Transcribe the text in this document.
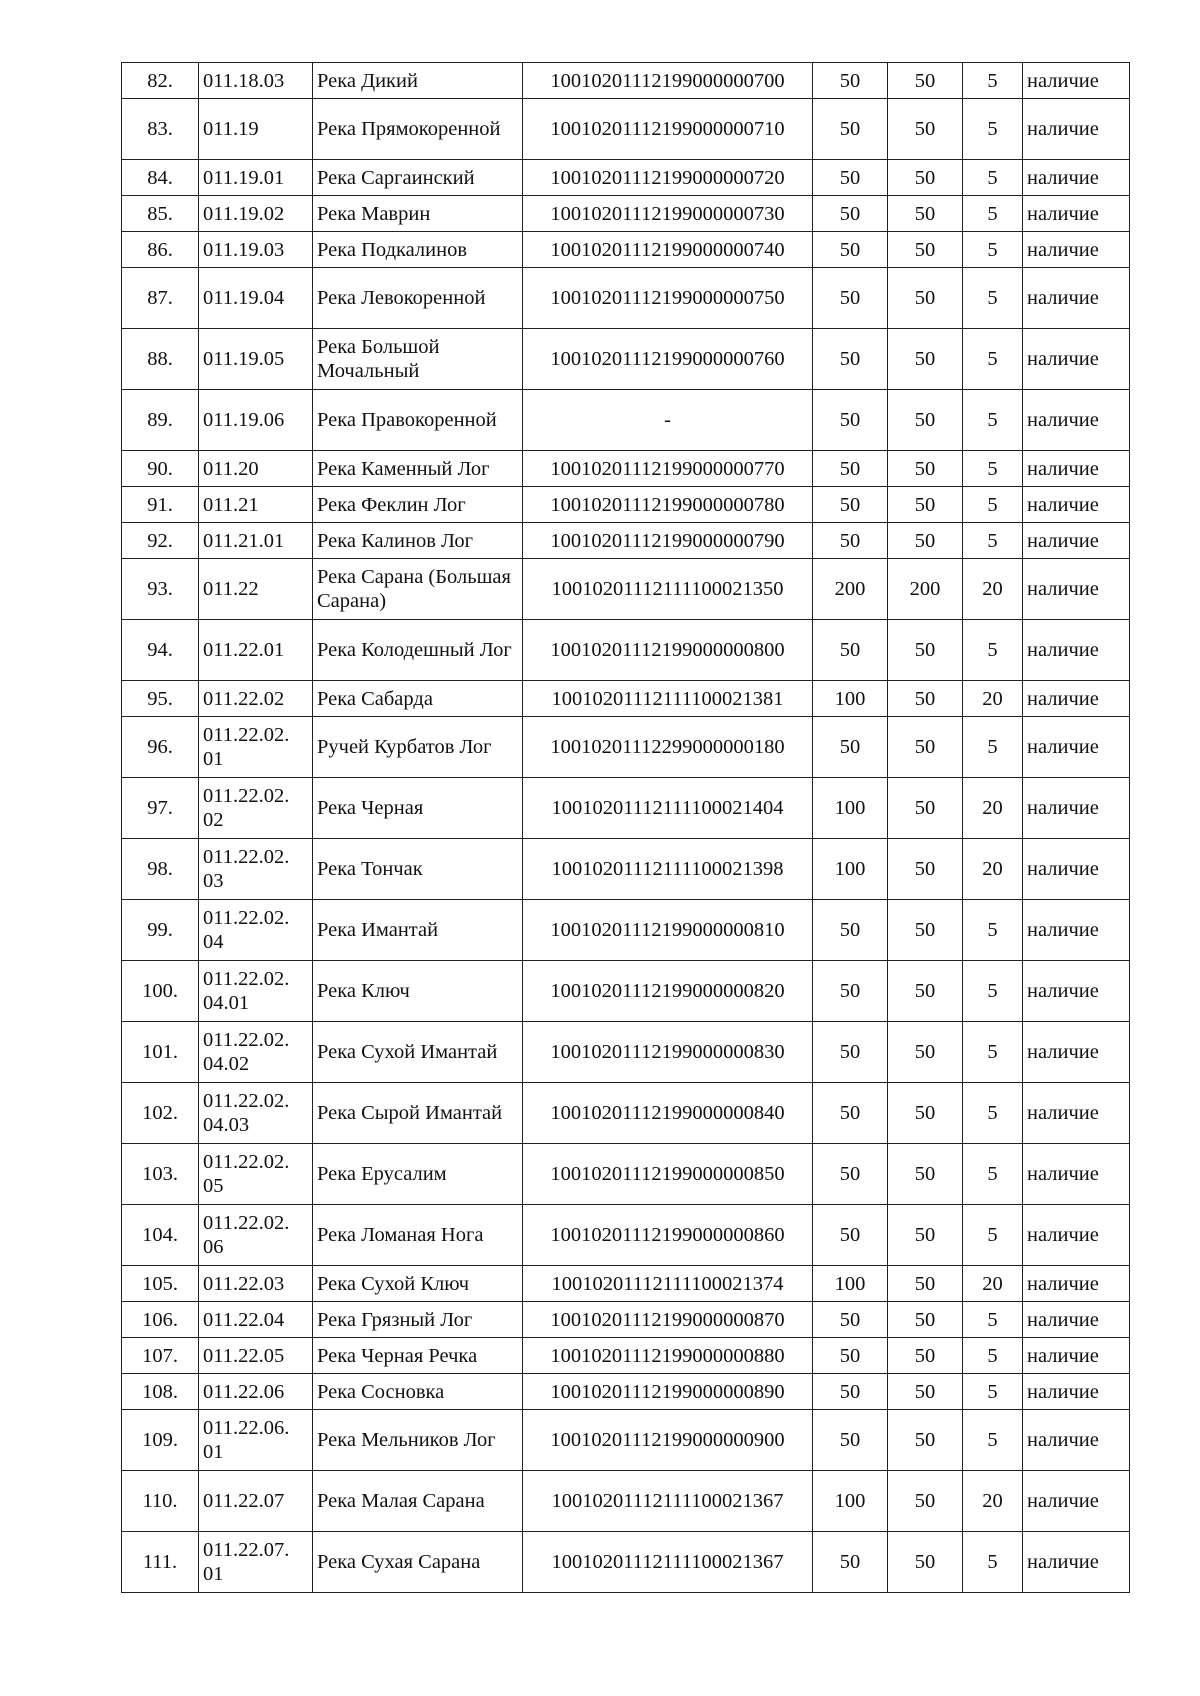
82.	011.18.03	Река Дикий	10010201112199000000700	50	50	5	наличие
83.	011.19	Река Прямокоренной	10010201112199000000710	50	50	5	наличие
84.	011.19.01	Река Саргаинский	10010201112199000000720	50	50	5	наличие
85.	011.19.02	Река Маврин	10010201112199000000730	50	50	5	наличие
86.	011.19.03	Река Подкалинов	10010201112199000000740	50	50	5	наличие
87.	011.19.04	Река Левокоренной	10010201112199000000750	50	50	5	наличие
88.	011.19.05	Река Большой Мочальный	10010201112199000000760	50	50	5	наличие
89.	011.19.06	Река Правокоренной	-	50	50	5	наличие
90.	011.20	Река Каменный Лог	10010201112199000000770	50	50	5	наличие
91.	011.21	Река Феклин Лог	10010201112199000000780	50	50	5	наличие
92.	011.21.01	Река Калинов Лог	10010201112199000000790	50	50	5	наличие
93.	011.22	Река Сарана (Большая Сарана)	10010201112111100021350	200	200	20	наличие
94.	011.22.01	Река Колодешный Лог	10010201112199000000800	50	50	5	наличие
95.	011.22.02	Река Сабарда	10010201112111100021381	100	50	20	наличие
96.	011.22.02. 01	Ручей Курбатов Лог	10010201112299000000180	50	50	5	наличие
97.	011.22.02. 02	Река Черная	10010201112111100021404	100	50	20	наличие
98.	011.22.02. 03	Река Тончак	10010201112111100021398	100	50	20	наличие
99.	011.22.02. 04	Река Имантай	10010201112199000000810	50	50	5	наличие
100.	011.22.02. 04.01	Река Ключ	10010201112199000000820	50	50	5	наличие
101.	011.22.02. 04.02	Река Сухой Имантай	10010201112199000000830	50	50	5	наличие
102.	011.22.02. 04.03	Река Сырой Имантай	10010201112199000000840	50	50	5	наличие
103.	011.22.02. 05	Река Ерусалим	10010201112199000000850	50	50	5	наличие
104.	011.22.02. 06	Река Ломаная Нога	10010201112199000000860	50	50	5	наличие
105.	011.22.03	Река Сухой Ключ	10010201112111100021374	100	50	20	наличие
106.	011.22.04	Река Грязный Лог	10010201112199000000870	50	50	5	наличие
107.	011.22.05	Река Черная Речка	10010201112199000000880	50	50	5	наличие
108.	011.22.06	Река Сосновка	10010201112199000000890	50	50	5	наличие
109.	011.22.06. 01	Река Мельников Лог	10010201112199000000900	50	50	5	наличие
110.	011.22.07	Река Малая Сарана	10010201112111100021367	100	50	20	наличие
111.	011.22.07. 01	Река Сухая Сарана	10010201112111100021367	50	50	5	наличие
